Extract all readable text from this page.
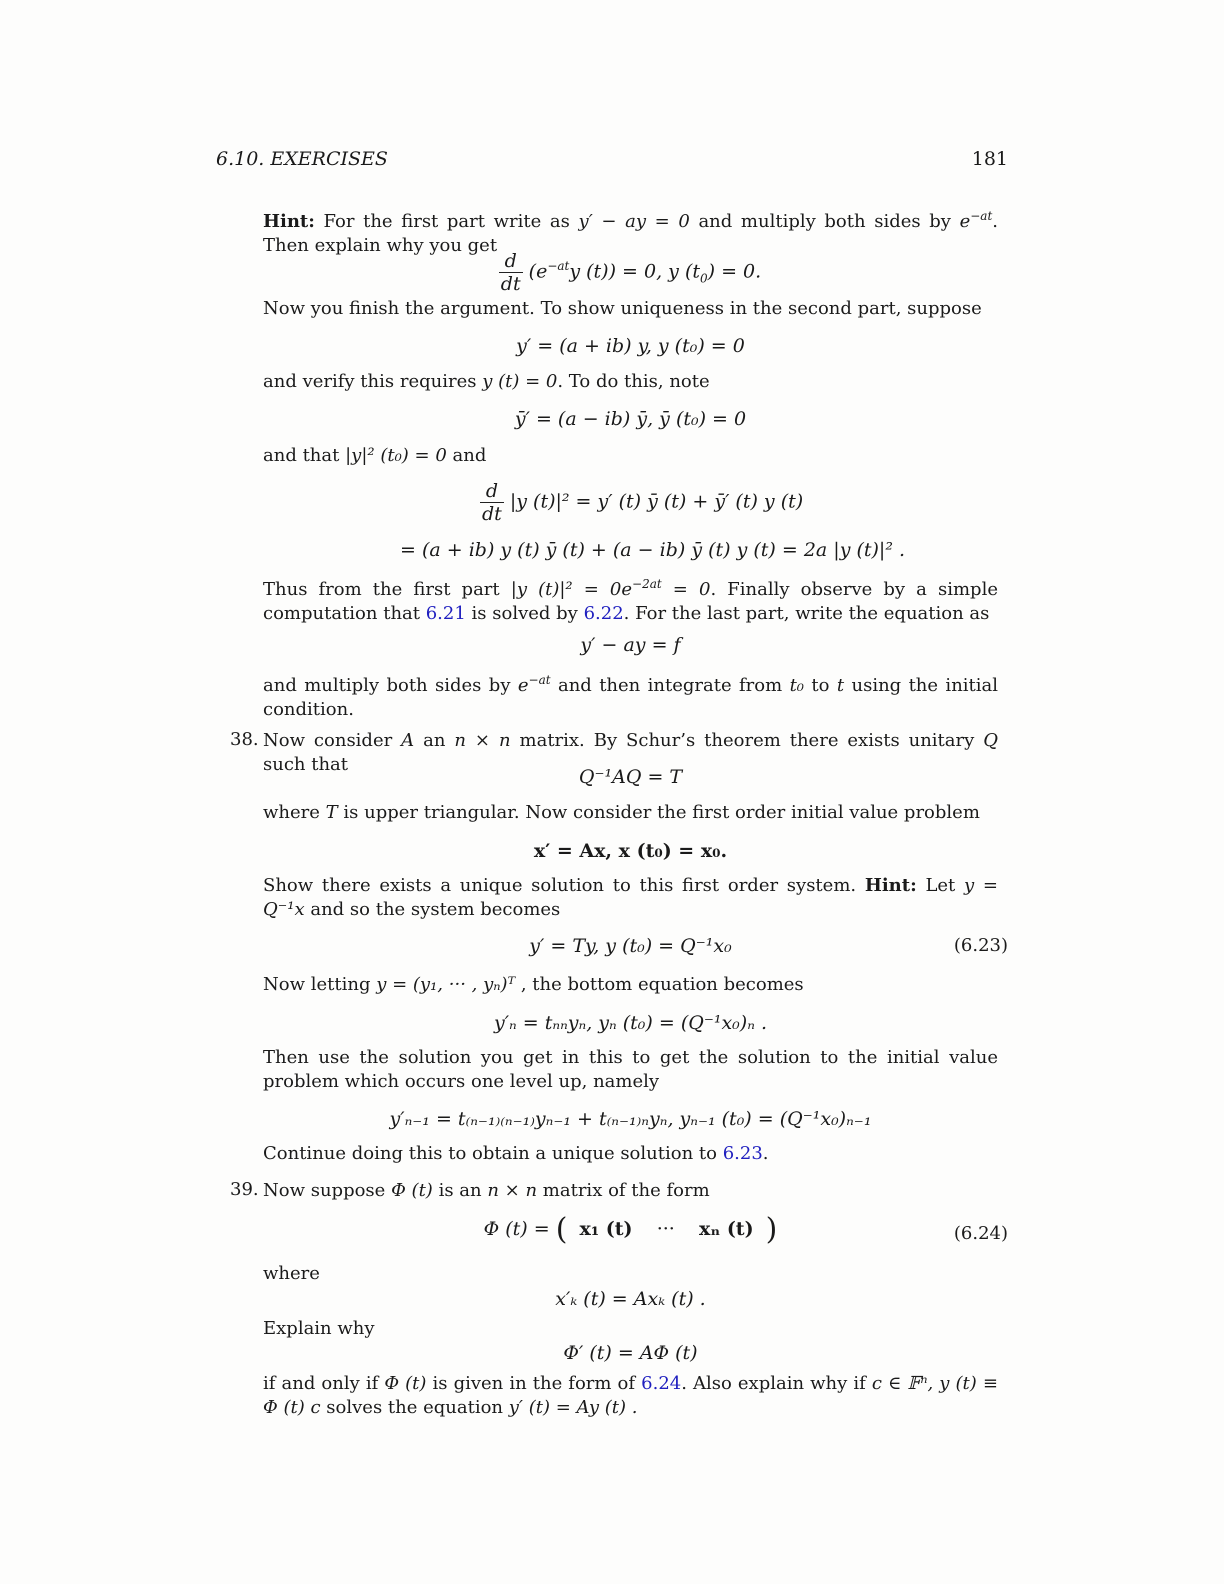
6.10. EXERCISES	181
Hint: For the first part write as y′ − ay = 0 and multiply both sides by $e^{-at}$. Then explain why you get
$\frac{d}{dt} (e^{-at}y$ (t)) = 0, y $(t_0) = 0$.
Now you finish the argument. To show uniqueness in the second part, suppose
y′ = (a + ib) y, y (t₀) = 0
and verify this requires y (t) = 0. To do this, note
ȳ′ = (a − ib) ȳ, ȳ (t₀) = 0
and that |y|² (t₀) = 0 and
$\frac{d}{dt} |y$ (t)|² = y′ (t) ȳ (t) + ȳ′ (t) y (t)
= (a + ib) y (t) ȳ (t) + (a − ib) ȳ (t) y (t) = 2a |y (t)|² .
Thus from the first part |y $(t)|^2 = 0e^{-2at} = 0$. Finally observe by a simple computation that 6.21 is solved by 6.22. For the last part, write the equation as
y′ − ay = f
and multiply both sides by $e^{-at}$ and then integrate from t₀ to t using the initial condition.
38. Now consider A an n × n matrix. By Schur’s theorem there exists unitary Q such that
Q⁻¹AQ = T
where T is upper triangular. Now consider the first order initial value problem
x′ = Ax, x (t₀) = x₀.
Show there exists a unique solution to this first order system. Hint: Let y = Q⁻¹x and so the system becomes
y′ = Ty, y (t₀) = Q⁻¹x₀	(6.23)
Now letting y = (y₁, ··· , yₙ)ᵀ , the bottom equation becomes
y′ₙ = tₙₙyₙ, yₙ (t₀) = (Q⁻¹x₀)ₙ .
Then use the solution you get in this to get the solution to the initial value problem which occurs one level up, namely
y′ₙ₋₁ = t₍ₙ₋₁₎₍ₙ₋₁₎yₙ₋₁ + t₍ₙ₋₁₎ₙyₙ, yₙ₋₁ (t₀) = (Q⁻¹x₀)ₙ₋₁
Continue doing this to obtain a unique solution to 6.23.
39. Now suppose Φ (t) is an n × n matrix of the form
Φ (t) = ( x₁ (t) ··· xₙ (t) )	(6.24)
where
x′ₖ (t) = Axₖ (t) .
Explain why
Φ′ (t) = AΦ (t)
if and only if Φ (t) is given in the form of 6.24. Also explain why if c ∈ 𝔽ⁿ, y (t) ≡ Φ (t) c solves the equation y′ (t) = Ay (t) .
